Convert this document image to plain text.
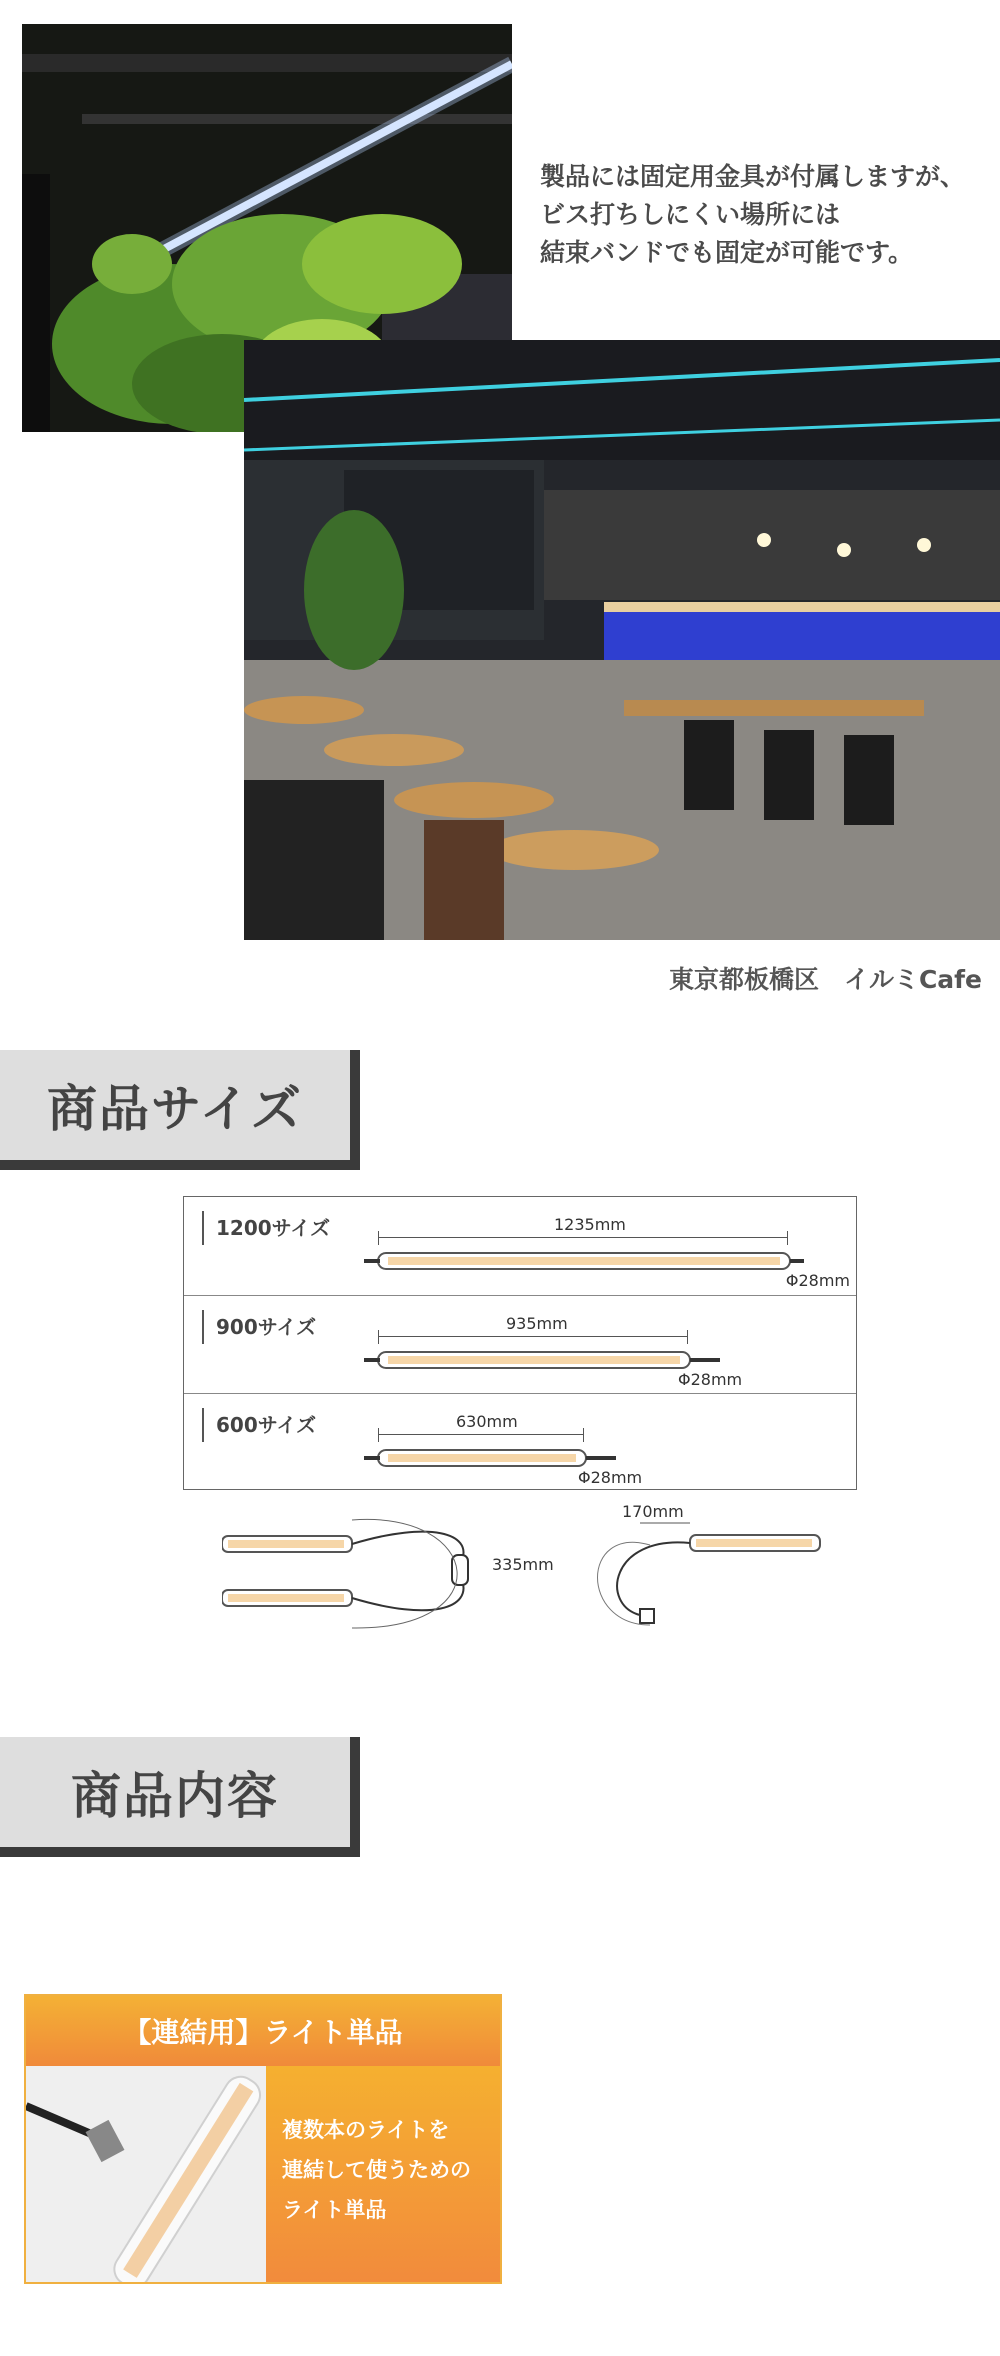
製品には固定用金具が付属しますが、
ビス打ちしにくい場所には
結束バンドでも固定が可能です。
東京都板橋区　イルミCafe
商品サイズ
1200サイズ	1235mm
Φ28mm
900サイズ	935mm
Φ28mm
600サイズ	630mm
Φ28mm
335mm
170mm
商品内容
【連結用】ライト単品
複数本のライトを
連結して使うための
ライト単品
